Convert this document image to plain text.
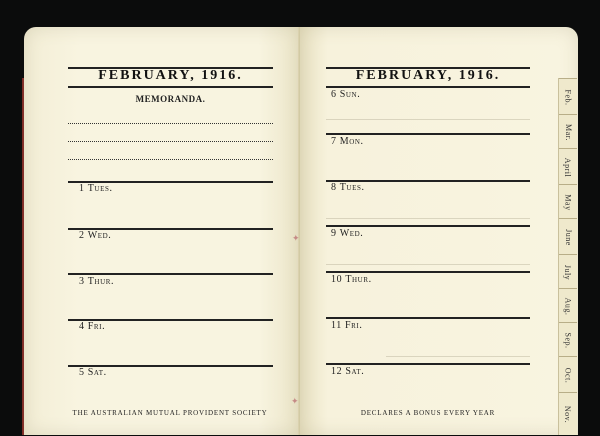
FEBRUARY, 1916.
MEMORANDA.
1 Tues.
2 Wed.
3 Thur.
4 Fri.
5 Sat.
THE AUSTRALIAN MUTUAL PROVIDENT SOCIETY
✦
✦
FEBRUARY, 1916.
6 Sun.
7 Mon.
8 Tues.
9 Wed.
10 Thur.
11 Fri.
12 Sat.
DECLARES A BONUS EVERY YEAR
Feb.
Mar.
April
May
June
July
Aug.
Sep.
Oct.
Nov.
